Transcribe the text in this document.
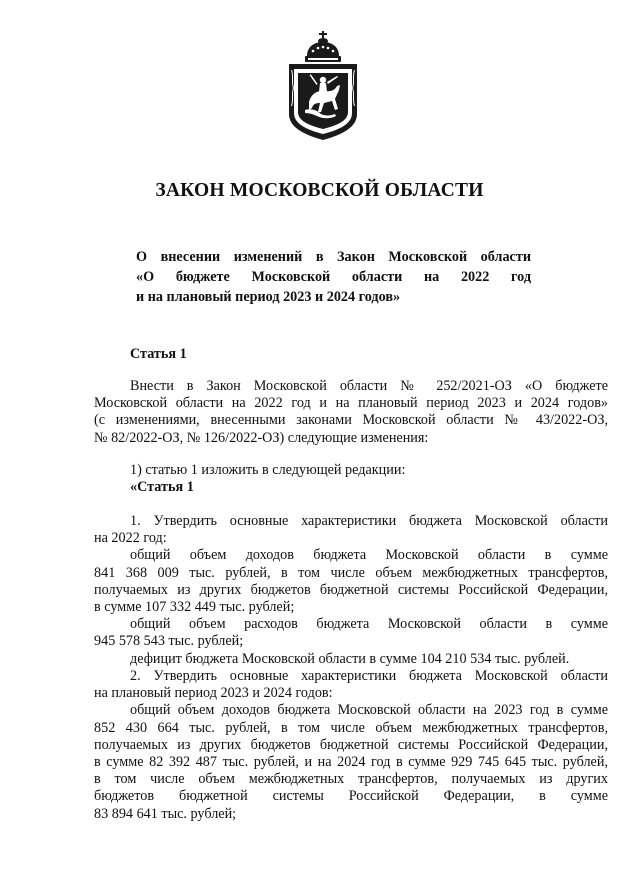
ЗАКОН МОСКОВСКОЙ ОБЛАСТИ
О внесении изменений в Закон Московской области
«О бюджете Московской области на 2022 год
и на плановый период 2023 и 2024 годов»
Статья 1
Внести в Закон Московской области № 252/2021-ОЗ «О бюджете
Московской области на 2022 год и на плановый период 2023 и 2024 годов»
(с изменениями, внесенными законами Московской области № 43/2022-ОЗ,
№ 82/2022-ОЗ, № 126/2022-ОЗ) следующие изменения:
1) статью 1 изложить в следующей редакции:
«Статья 1
1. Утвердить основные характеристики бюджета Московской области
на 2022 год:
общий объем доходов бюджета Московской области в сумме
841 368 009 тыс. рублей, в том числе объем межбюджетных трансфертов,
получаемых из других бюджетов бюджетной системы Российской Федерации,
в сумме 107 332 449 тыс. рублей;
общий объем расходов бюджета Московской области в сумме
945 578 543 тыс. рублей;
дефицит бюджета Московской области в сумме 104 210 534 тыс. рублей.
2. Утвердить основные характеристики бюджета Московской области
на плановый период 2023 и 2024 годов:
общий объем доходов бюджета Московской области на 2023 год в сумме
852 430 664 тыс. рублей, в том числе объем межбюджетных трансфертов,
получаемых из других бюджетов бюджетной системы Российской Федерации,
в сумме 82 392 487 тыс. рублей, и на 2024 год в сумме 929 745 645 тыс. рублей,
в том числе объем межбюджетных трансфертов, получаемых из других
бюджетов бюджетной системы Российской Федерации, в сумме
83 894 641 тыс. рублей;
